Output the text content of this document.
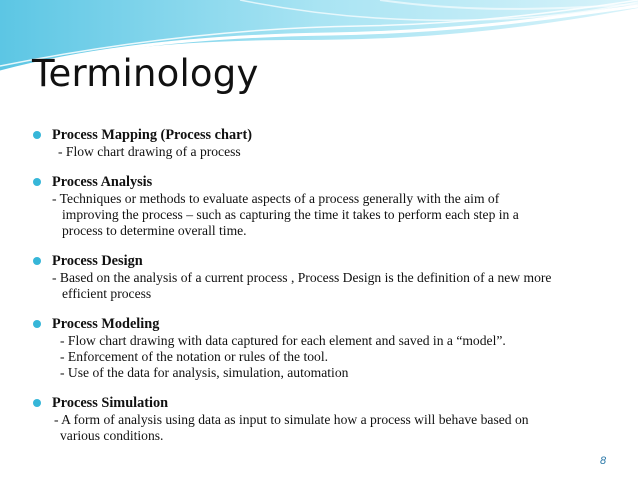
Terminology
Process Mapping (Process chart)
- Flow chart drawing of a process
Process Analysis
- Techniques or methods to evaluate aspects of a process generally with the aim of
improving the process – such as capturing the time it takes to perform each step in a
process to determine overall time.
Process Design
- Based on the analysis of a current process , Process Design is the definition of a new more
efficient process
Process Modeling
- Flow chart drawing with data captured for each element and saved in a “model”.
- Enforcement of the notation or rules of the tool.
- Use of the data for analysis, simulation, automation
Process Simulation
- A form of analysis using data as input to simulate how a process will behave based on
various conditions.
8
